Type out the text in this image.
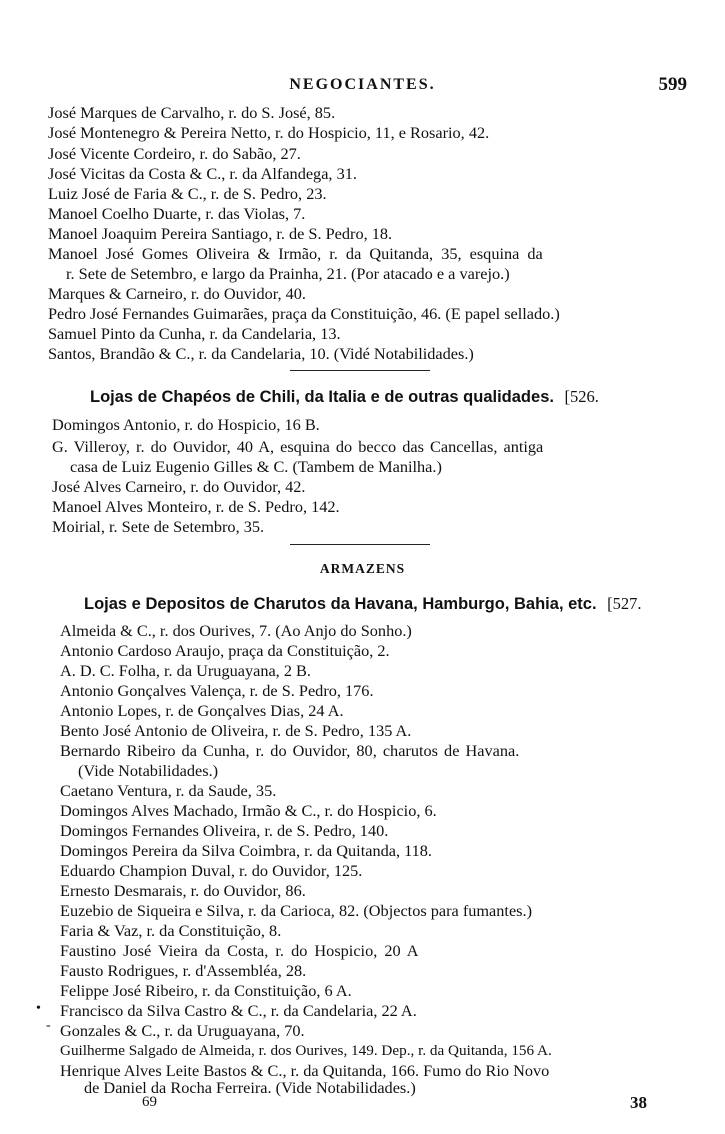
NEGOCIANTES.	599
José Marques de Carvalho, r. do S. José, 85.
José Montenegro & Pereira Netto, r. do Hospicio, 11, e Rosario, 42.
José Vicente Cordeiro, r. do Sabão, 27.
José Vicitas da Costa & C., r. da Alfandega, 31.
Luiz José de Faria & C., r. de S. Pedro, 23.
Manoel Coelho Duarte, r. das Violas, 7.
Manoel Joaquim Pereira Santiago, r. de S. Pedro, 18.
Manoel José Gomes Oliveira & Irmão, r. da Quitanda, 35, esquina da
r. Sete de Setembro, e largo da Prainha, 21. (Por atacado e a varejo.)
Marques & Carneiro, r. do Ouvidor, 40.
Pedro José Fernandes Guimarães, praça da Constituição, 46. (E papel sellado.)
Samuel Pinto da Cunha, r. da Candelaria, 13.
Santos, Brandão & C., r. da Candelaria, 10. (Vidé Notabilidades.)
Lojas de Chapéos de Chili, da Italia e de outras qualidades. [526.
Domingos Antonio, r. do Hospicio, 16 B.
G. Villeroy, r. do Ouvidor, 40 A, esquina do becco das Cancellas, antiga
casa de Luiz Eugenio Gilles & C. (Tambem de Manilha.)
José Alves Carneiro, r. do Ouvidor, 42.
Manoel Alves Monteiro, r. de S. Pedro, 142.
Moirial, r. Sete de Setembro, 35.
ARMAZENS
Lojas e Depositos de Charutos da Havana, Hamburgo, Bahia, etc. [527.
Almeida & C., r. dos Ourives, 7. (Ao Anjo do Sonho.)
Antonio Cardoso Araujo, praça da Constituição, 2.
A. D. C. Folha, r. da Uruguayana, 2 B.
Antonio Gonçalves Valença, r. de S. Pedro, 176.
Antonio Lopes, r. de Gonçalves Dias, 24 A.
Bento José Antonio de Oliveira, r. de S. Pedro, 135 A.
Bernardo Ribeiro da Cunha, r. do Ouvidor, 80, charutos de Havana.
(Vide Notabilidades.)
Caetano Ventura, r. da Saude, 35.
Domingos Alves Machado, Irmão & C., r. do Hospicio, 6.
Domingos Fernandes Oliveira, r. de S. Pedro, 140.
Domingos Pereira da Silva Coimbra, r. da Quitanda, 118.
Eduardo Champion Duval, r. do Ouvidor, 125.
Ernesto Desmarais, r. do Ouvidor, 86.
Euzebio de Siqueira e Silva, r. da Carioca, 82. (Objectos para fumantes.)
Faria & Vaz, r. da Constituição, 8.
Faustino José Vieira da Costa, r. do Hospicio, 20 A
Fausto Rodrigues, r. d'Assembléa, 28.
Felippe José Ribeiro, r. da Constituição, 6 A.
Francisco da Silva Castro & C., r. da Candelaria, 22 A.
Gonzales & C., r. da Uruguayana, 70.
Guilherme Salgado de Almeida, r. dos Ourives, 149. Dep., r. da Quitanda, 156 A.
Henrique Alves Leite Bastos & C., r. da Quitanda, 166. Fumo do Rio Novo
de Daniel da Rocha Ferreira. (Vide Notabilidades.)
•
-
69	38
